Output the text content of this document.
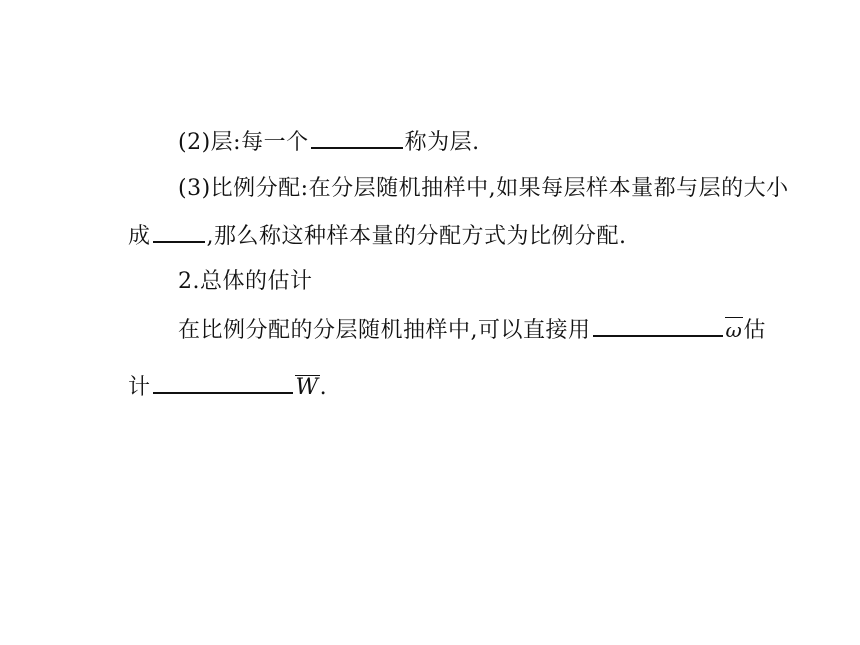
(2)层:每一个	称为层.
(3)比例分配:在分层随机抽样中,如果每层样本量都与层的大小
成	,那么称这种样本量的分配方式为比例分配.
2.总体的估计
在比例分配的分层随机抽样中,可以直接用	ω估
计	W.
